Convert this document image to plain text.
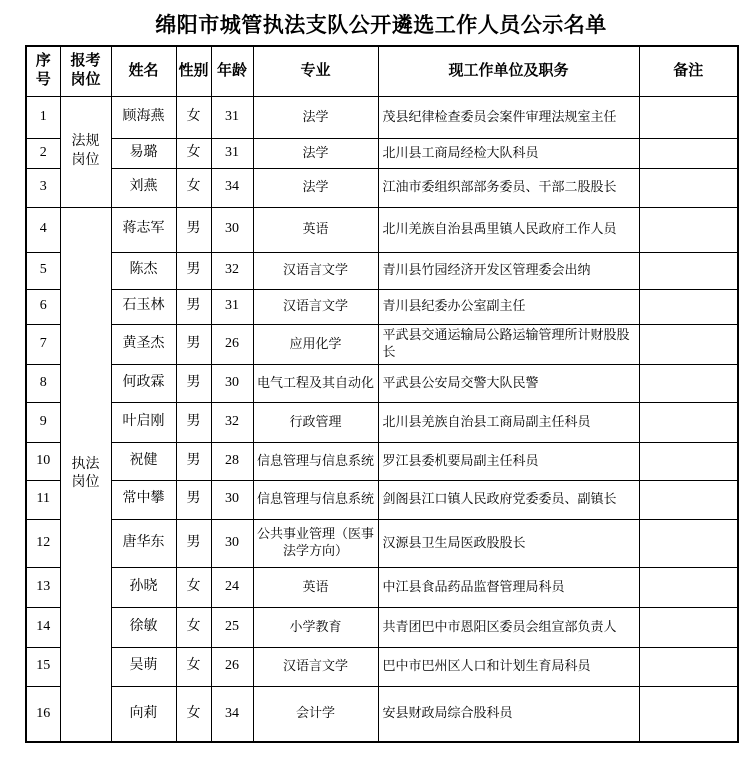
绵阳市城管执法支队公开遴选工作人员公示名单
序号	报考岗位	姓名	性别	年龄	专业	现工作单位及职务	备注
1	法规岗位	顾海燕	女	31	法学	茂县纪律检查委员会案件审理法规室主任	
2		易璐	女	31	法学	北川县工商局经检大队科员	
3		刘燕	女	34	法学	江油市委组织部部务委员、干部二股股长	
4	执法岗位	蒋志军	男	30	英语	北川羌族自治县禹里镇人民政府工作人员	
5		陈杰	男	32	汉语言文学	青川县竹园经济开发区管理委会出纳	
6		石玉林	男	31	汉语言文学	青川县纪委办公室副主任	
7		黄圣杰	男	26	应用化学	平武县交通运输局公路运输管理所计财股股长	
8		何政霖	男	30	电气工程及其自动化	平武县公安局交警大队民警	
9		叶启刚	男	32	行政管理	北川县羌族自治县工商局副主任科员	
10		祝健	男	28	信息管理与信息系统	罗江县委机要局副主任科员	
11		常中攀	男	30	信息管理与信息系统	剑阁县江口镇人民政府党委委员、副镇长	
12		唐华东	男	30	公共事业管理（医事法学方向）	汉源县卫生局医政股股长	
13		孙晓	女	24	英语	中江县食品药品监督管理局科员	
14		徐敏	女	25	小学教育	共青团巴中市恩阳区委员会组宣部负责人	
15		吴萌	女	26	汉语言文学	巴中市巴州区人口和计划生育局科员	
16		向莉	女	34	会计学	安县财政局综合股科员	
